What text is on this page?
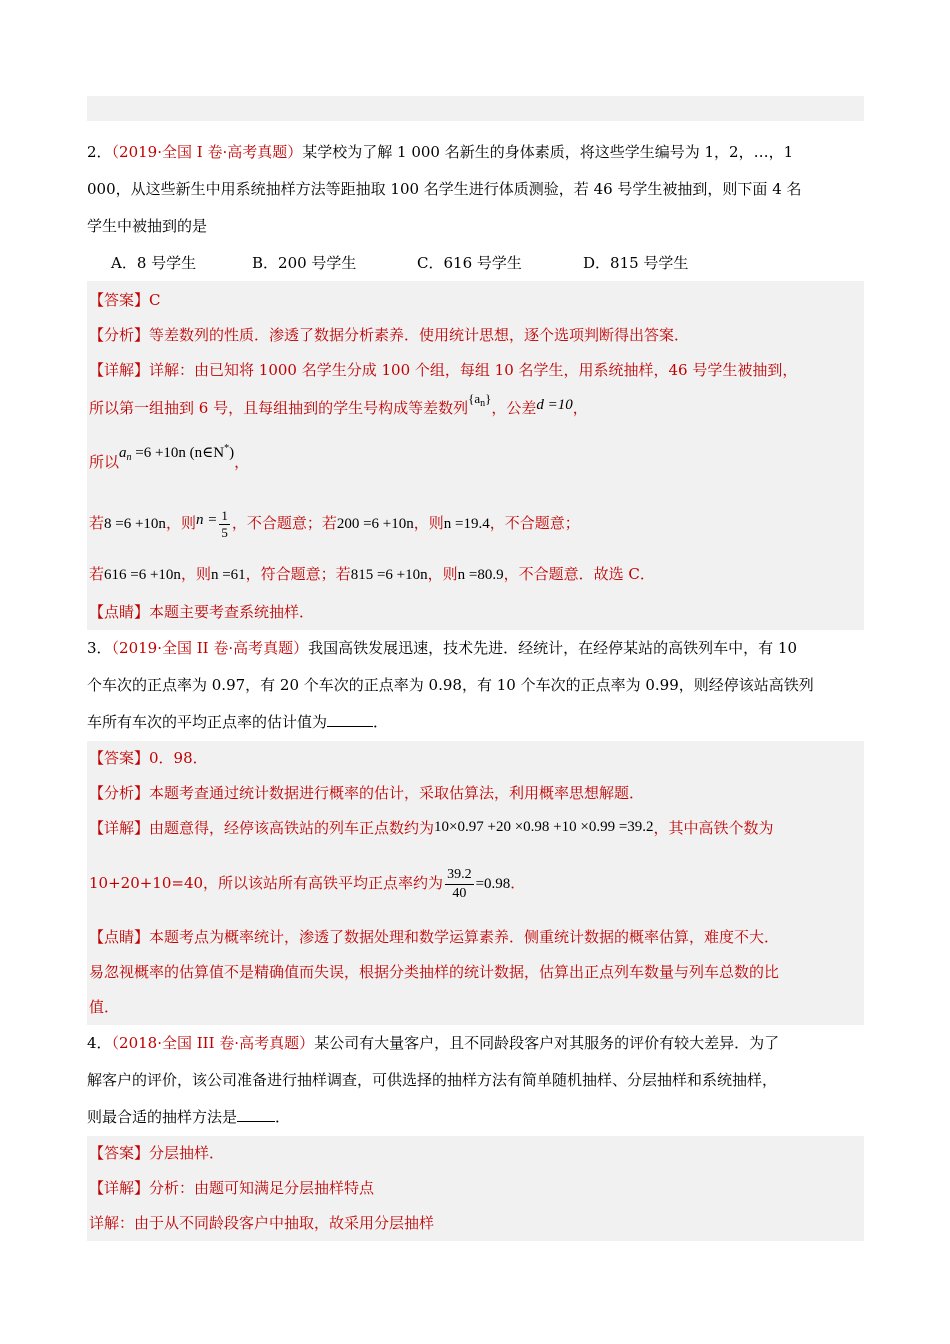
2．（2019·全国 I 卷·高考真题）某学校为了解 1 000 名新生的身体素质，将这些学生编号为 1，2，…，1

000，从这些新生中用系统抽样方法等距抽取 100 名学生进行体质测验，若 46 号学生被抽到，则下面 4 名

学生中被抽到的是

A．8 号学生	B．200 号学生	C．616 号学生	D．815 号学生

【答案】C

【分析】等差数列的性质．渗透了数据分析素养．使用统计思想，逐个选项判断得出答案．

【详解】详解：由已知将 1000 名学生分成 100 个组，每组 10 名学生，用系统抽样，46 号学生被抽到，

所以第一组抽到 6 号，且每组抽到的学生号构成等差数列$\{a_n\}$，公差d =10，

所以$a_n =6 +10n$ (n∈N*)，

若8 =6 +10n，则$n = \frac{1}{5}$ ，不合题意；若200 =6 +10n，则n =19.4，不合题意；

若616 =6 +10n，则n =61，符合题意；若815 =6 +10n，则n =80.9，不合题意．故选 C．

【点睛】本题主要考查系统抽样．

3．（2019·全国 II 卷·高考真题）我国高铁发展迅速，技术先进．经统计，在经停某站的高铁列车中，有 10

个车次的正点率为 0.97，有 20 个车次的正点率为 0.98，有 10 个车次的正点率为 0.99，则经停该站高铁列

车所有车次的平均正点率的估计值为	．

【答案】0．98．

【分析】本题考查通过统计数据进行概率的估计，采取估算法，利用概率思想解题．

【详解】由题意得，经停该高铁站的列车正点数约为10×0.97 +20 ×0.98 +10 ×0.99 =39.2，其中高铁个数为

10+20+10=40，所以该站所有高铁平均正点率约为 $\frac{39.2}{40} =0.98$．

【点睛】本题考点为概率统计，渗透了数据处理和数学运算素养．侧重统计数据的概率估算，难度不大．

易忽视概率的估算值不是精确值而失误，根据分类抽样的统计数据，估算出正点列车数量与列车总数的比

值．

4．（2018·全国 III 卷·高考真题）某公司有大量客户，且不同龄段客户对其服务的评价有较大差异．为了

解客户的评价，该公司准备进行抽样调查，可供选择的抽样方法有简单随机抽样、分层抽样和系统抽样，

则最合适的抽样方法是	．

【答案】分层抽样．

【详解】分析：由题可知满足分层抽样特点

详解：由于从不同龄段客户中抽取，故采用分层抽样
